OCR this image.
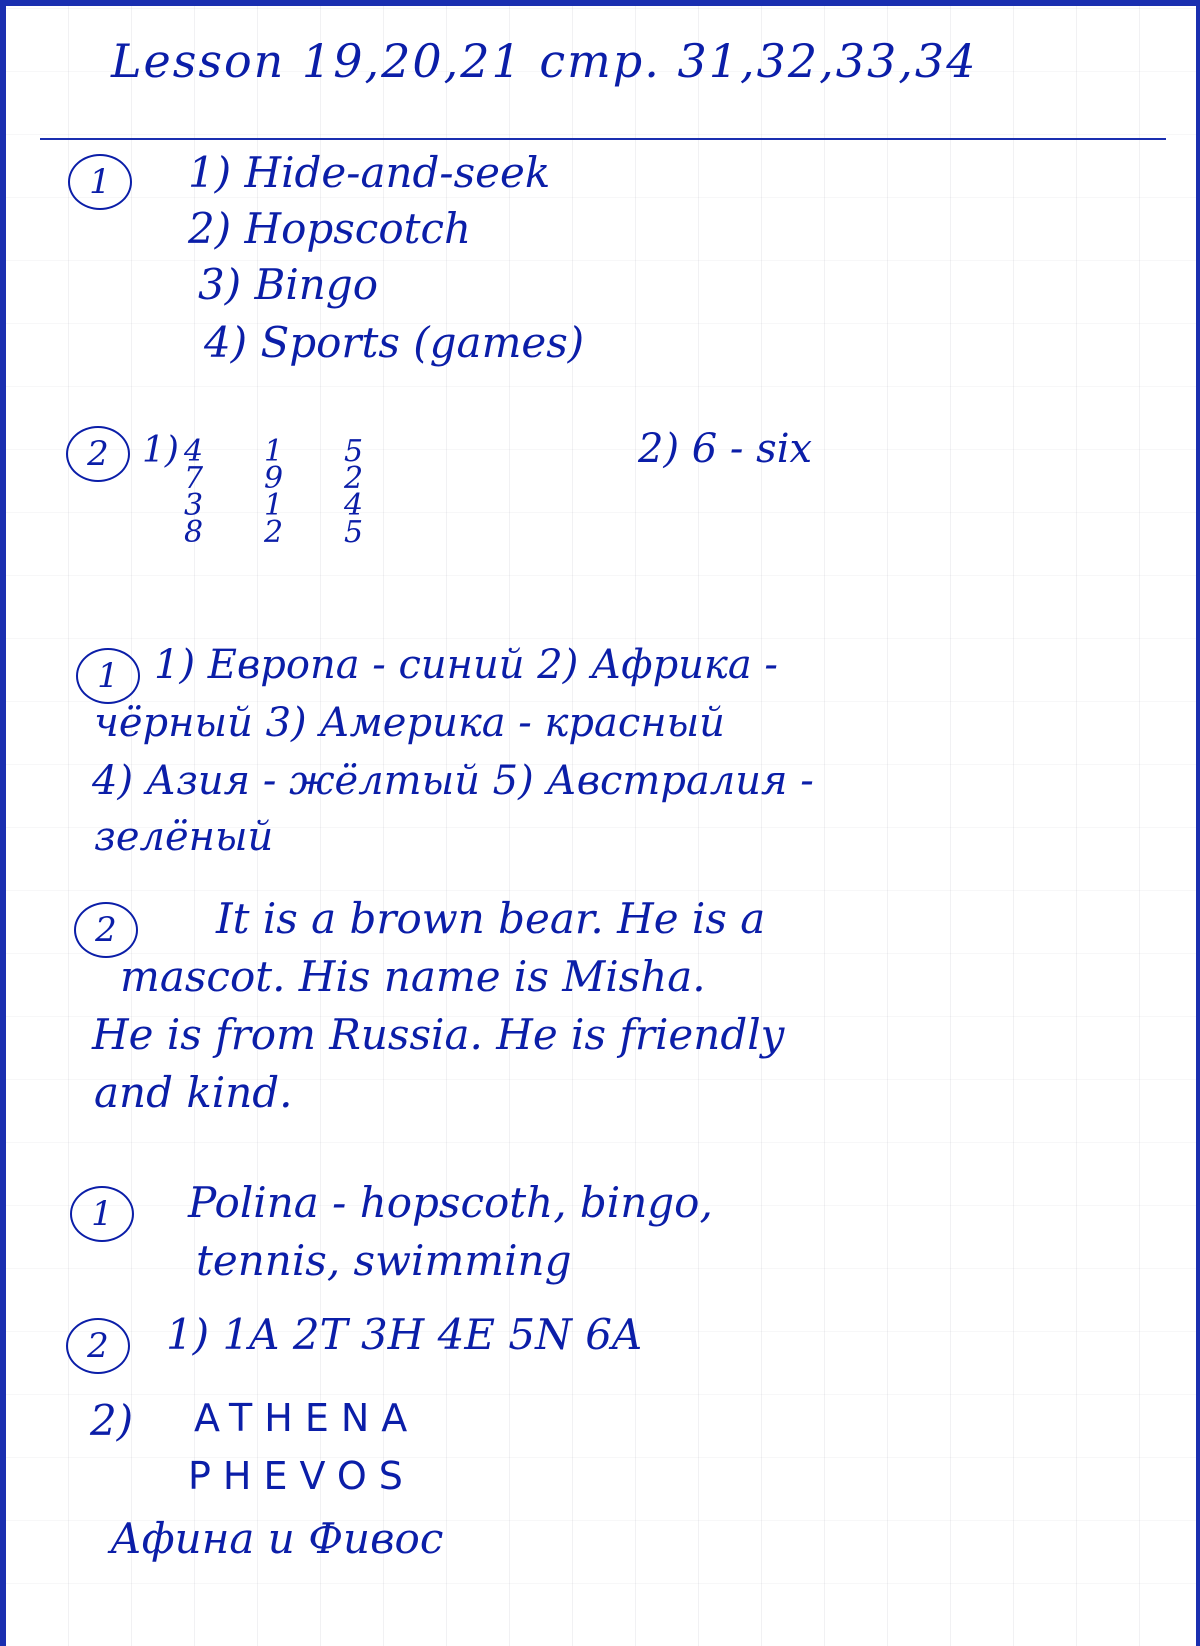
Lesson 19,20,21 стр. 31,32,33,34
1	1) Hide-and-seek
2) Hopscotch
3) Bingo
4) Sports (games)
2 1) 4 1 5
7 9 2
3 1 4
8 2 5
2) 6 - six
1 1) Европа - синий 2) Африка -
чёрный 3) Америка - красный
4) Азия - жёлтый 5) Австралия -
зелёный
2	It is a brown bear. He is a
mascot. His name is Misha.
He is from Russia. He is friendly
and kind.
1	Polina - hopscoth, bingo,
tennis, swimming
2	1) 1A 2T 3H 4E 5N 6A
2) ATHENA
PHEVOS
Афина и Фивос
